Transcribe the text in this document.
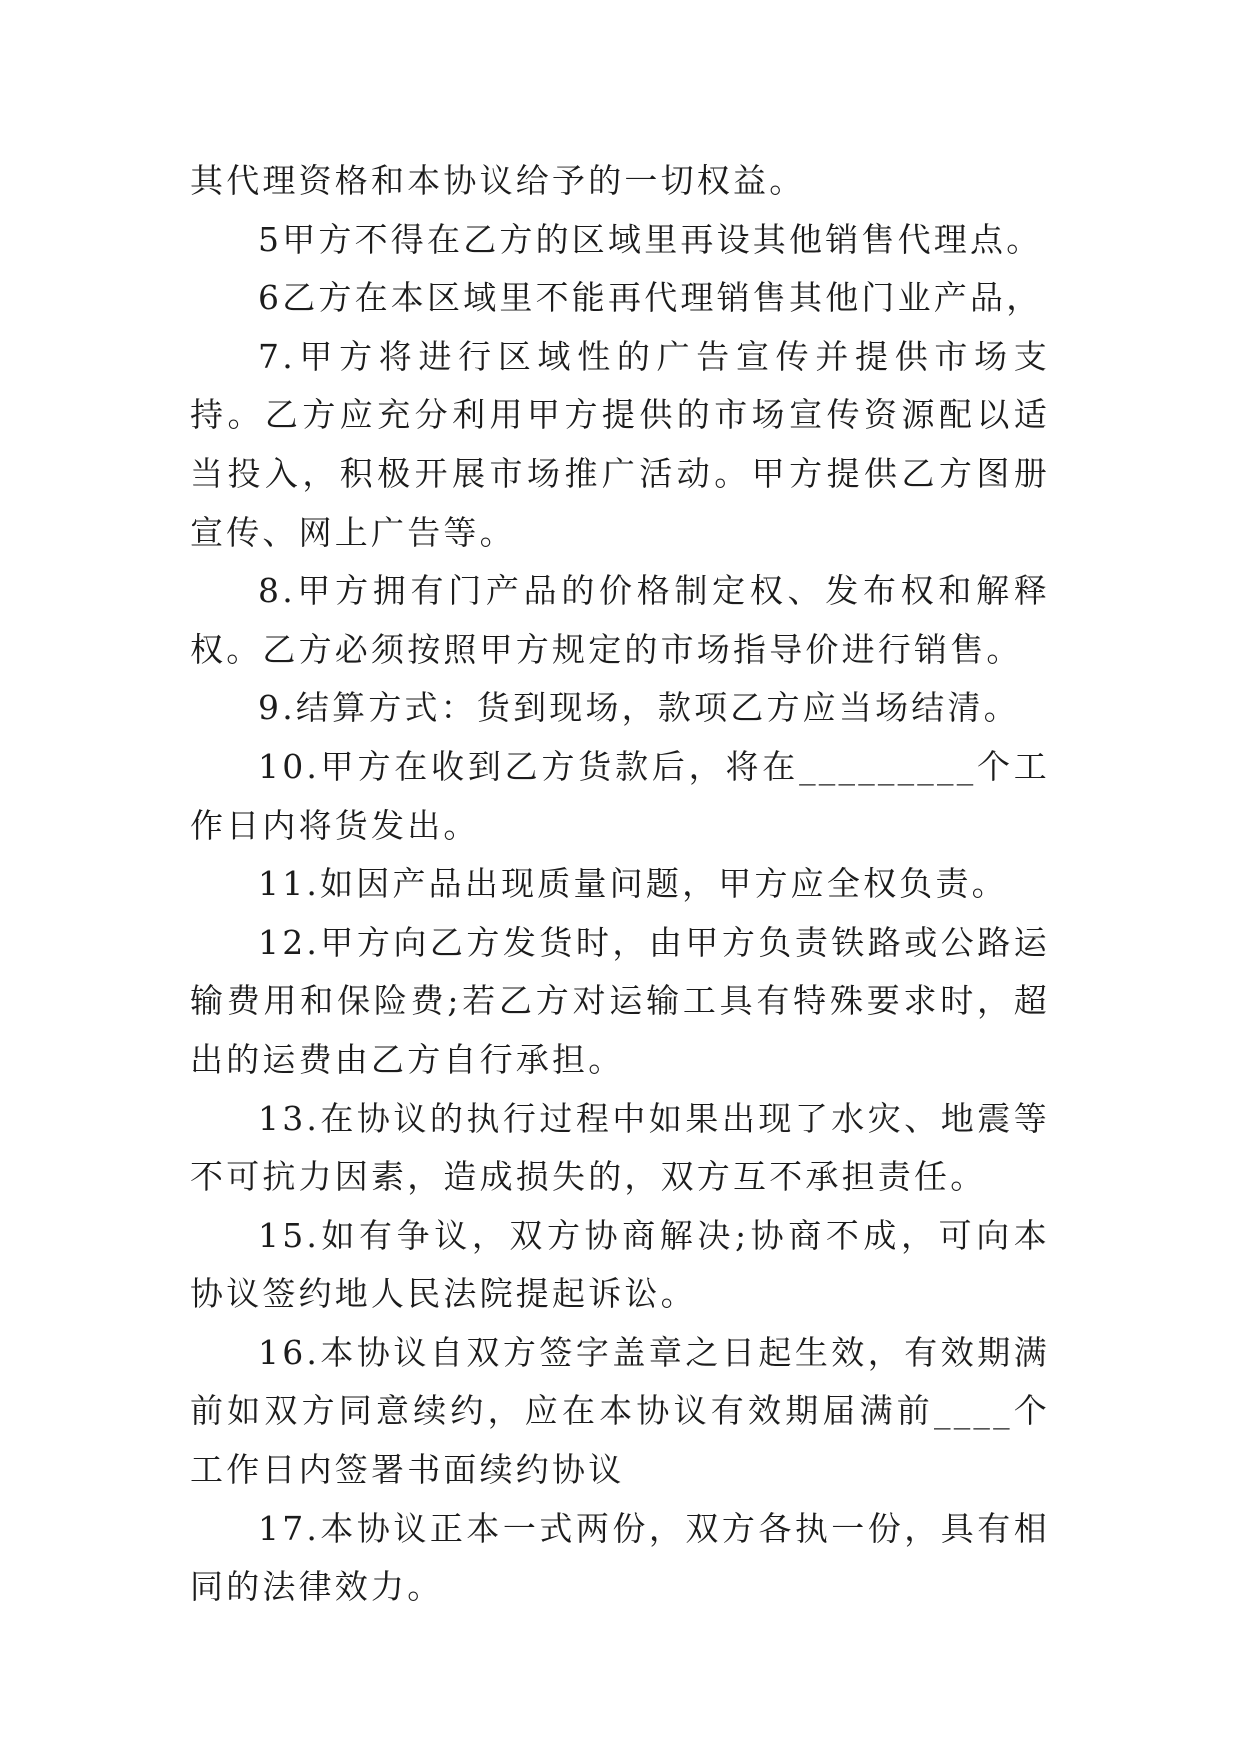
其代理资格和本协议给予的一切权益。

5甲方不得在乙方的区域里再设其他销售代理点。

6乙方在本区域里不能再代理销售其他门业产品，

7.甲方将进行区域性的广告宣传并提供市场支持。乙方应充分利用甲方提供的市场宣传资源配以适当投入，积极开展市场推广活动。甲方提供乙方图册宣传、网上广告等。

8.甲方拥有门产品的价格制定权、发布权和解释权。乙方必须按照甲方规定的市场指导价进行销售。

9.结算方式：货到现场，款项乙方应当场结清。

10.甲方在收到乙方货款后，将在_________个工作日内将货发出。

11.如因产品出现质量问题，甲方应全权负责。

12.甲方向乙方发货时，由甲方负责铁路或公路运输费用和保险费;若乙方对运输工具有特殊要求时，超出的运费由乙方自行承担。

13.在协议的执行过程中如果出现了水灾、地震等不可抗力因素，造成损失的，双方互不承担责任。

15.如有争议，双方协商解决;协商不成，可向本协议签约地人民法院提起诉讼。

16.本协议自双方签字盖章之日起生效，有效期满前如双方同意续约，应在本协议有效期届满前____个工作日内签署书面续约协议

17.本协议正本一式两份，双方各执一份，具有相同的法律效力。
